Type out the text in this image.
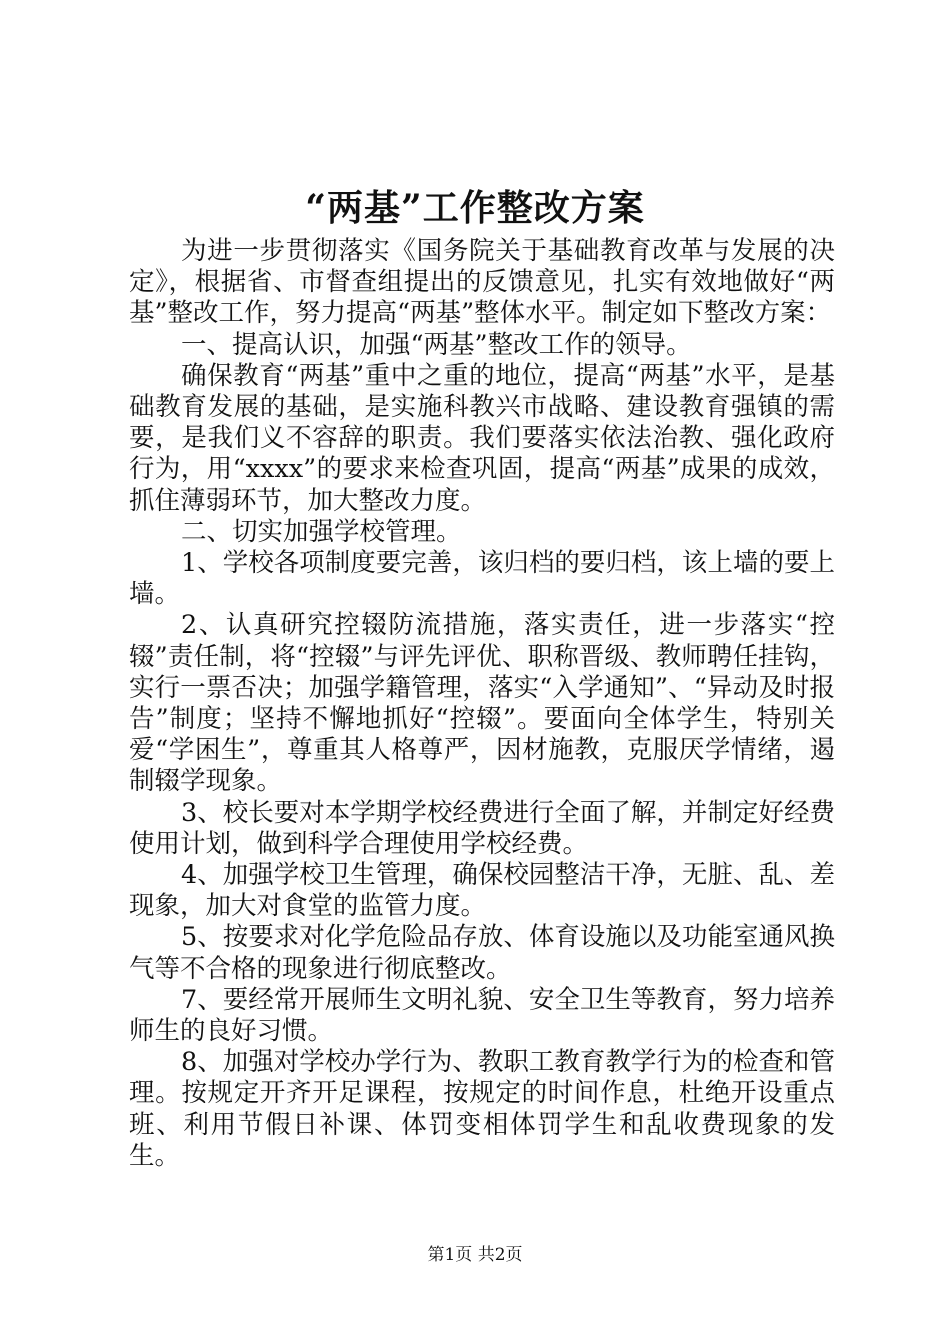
“两基”工作整改方案

为进一步贯彻落实《国务院关于基础教育改革与发展的决定》，根据省、市督查组提出的反馈意见，扎实有效地做好“两基”整改工作，努力提高“两基”整体水平。制定如下整改方案：

一、提高认识，加强“两基”整改工作的领导。

确保教育“两基”重中之重的地位，提高“两基”水平，是基础教育发展的基础，是实施科教兴市战略、建设教育强镇的需要，是我们义不容辞的职责。我们要落实依法治教、强化政府行为，用“xxxx”的要求来检查巩固，提高“两基”成果的成效，抓住薄弱环节，加大整改力度。

二、切实加强学校管理。

1、学校各项制度要完善，该归档的要归档，该上墙的要上墙。

2、认真研究控辍防流措施，落实责任，进一步落实“控辍”责任制，将“控辍”与评先评优、职称晋级、教师聘任挂钩，实行一票否决；加强学籍管理，落实“入学通知”、“异动及时报告”制度；坚持不懈地抓好“控辍”。要面向全体学生，特别关爱“学困生”，尊重其人格尊严，因材施教，克服厌学情绪，遏制辍学现象。

3、校长要对本学期学校经费进行全面了解，并制定好经费使用计划，做到科学合理使用学校经费。

4、加强学校卫生管理，确保校园整洁干净，无脏、乱、差现象，加大对食堂的监管力度。

5、按要求对化学危险品存放、体育设施以及功能室通风换气等不合格的现象进行彻底整改。

7、要经常开展师生文明礼貌、安全卫生等教育，努力培养师生的良好习惯。

8、加强对学校办学行为、教职工教育教学行为的检查和管理。按规定开齐开足课程，按规定的时间作息，杜绝开设重点班、利用节假日补课、体罚变相体罚学生和乱收费现象的发生。

第1页 共2页
